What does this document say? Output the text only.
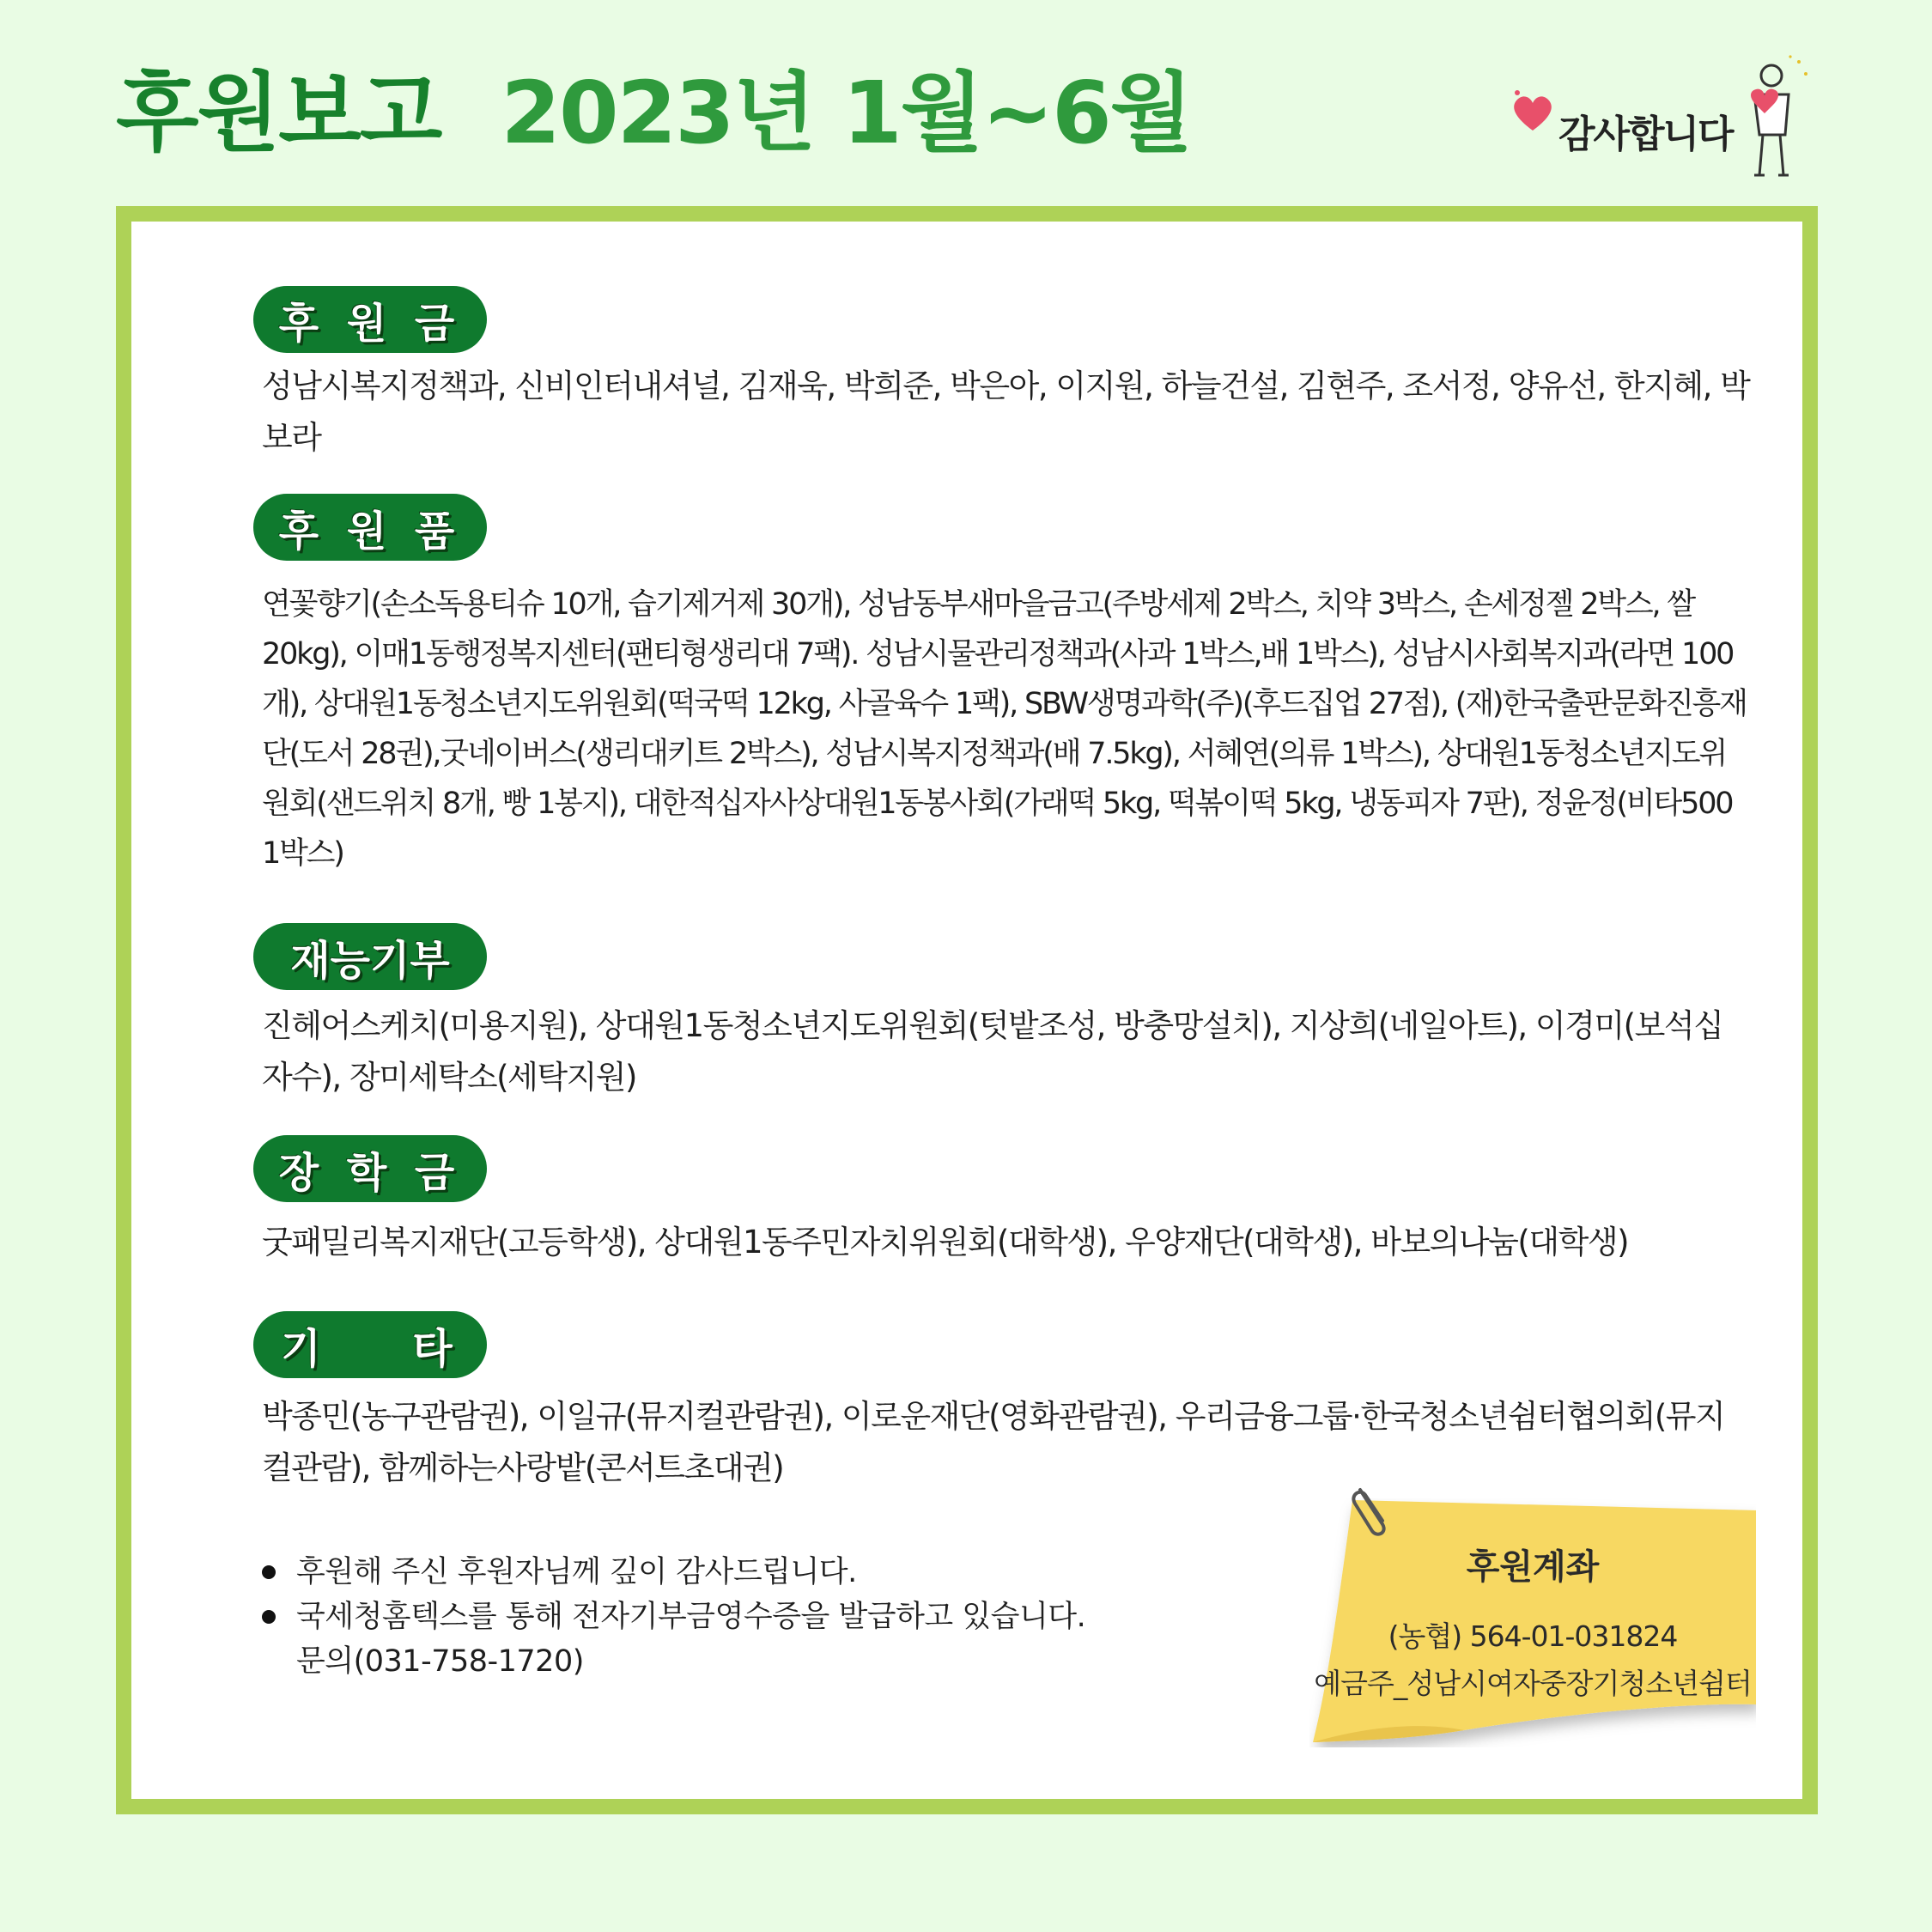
후원보고 2023년 1월~6월	감사합니다
후 원 금
성남시복지정책과, 신비인터내셔널, 김재욱, 박희준, 박은아, 이지원, 하늘건설, 김현주, 조서정, 양유선, 한지혜, 박보라
후 원 품
연꽃향기(손소독용티슈 10개, 습기제거제 30개), 성남동부새마을금고(주방세제 2박스, 치약 3박스, 손세정젤 2박스, 쌀 20kg), 이매1동행정복지센터(팬티형생리대 7팩). 성남시물관리정책과(사과 1박스,배 1박스), 성남시사회복지과(라면 100개), 상대원1동청소년지도위원회(떡국떡 12kg, 사골육수 1팩), SBW생명과학(주)(후드집업 27점), (재)한국출판문화진흥재단(도서 28권),굿네이버스(생리대키트 2박스), 성남시복지정책과(배 7.5kg), 서혜연(의류 1박스), 상대원1동청소년지도위원회(샌드위치 8개, 빵 1봉지), 대한적십자사상대원1동봉사회(가래떡 5kg, 떡볶이떡 5kg, 냉동피자 7판), 정윤정(비타500 1박스)
재능기부
진헤어스케치(미용지원), 상대원1동청소년지도위원회(텃밭조성, 방충망설치), 지상희(네일아트), 이경미(보석십자수), 장미세탁소(세탁지원)
장 학 금
굿패밀리복지재단(고등학생), 상대원1동주민자치위원회(대학생), 우양재단(대학생), 바보의나눔(대학생)
기    타
박종민(농구관람권), 이일규(뮤지컬관람권), 이로운재단(영화관람권), 우리금융그룹·한국청소년쉼터협의회(뮤지컬관람), 함께하는사랑밭(콘서트초대권)
후원해 주신 후원자님께 깊이 감사드립니다.
국세청홈텍스를 통해 전자기부금영수증을 발급하고 있습니다.
문의(031-758-1720)
후원계좌
(농협) 564-01-031824
예금주_성남시여자중장기청소년쉼터
